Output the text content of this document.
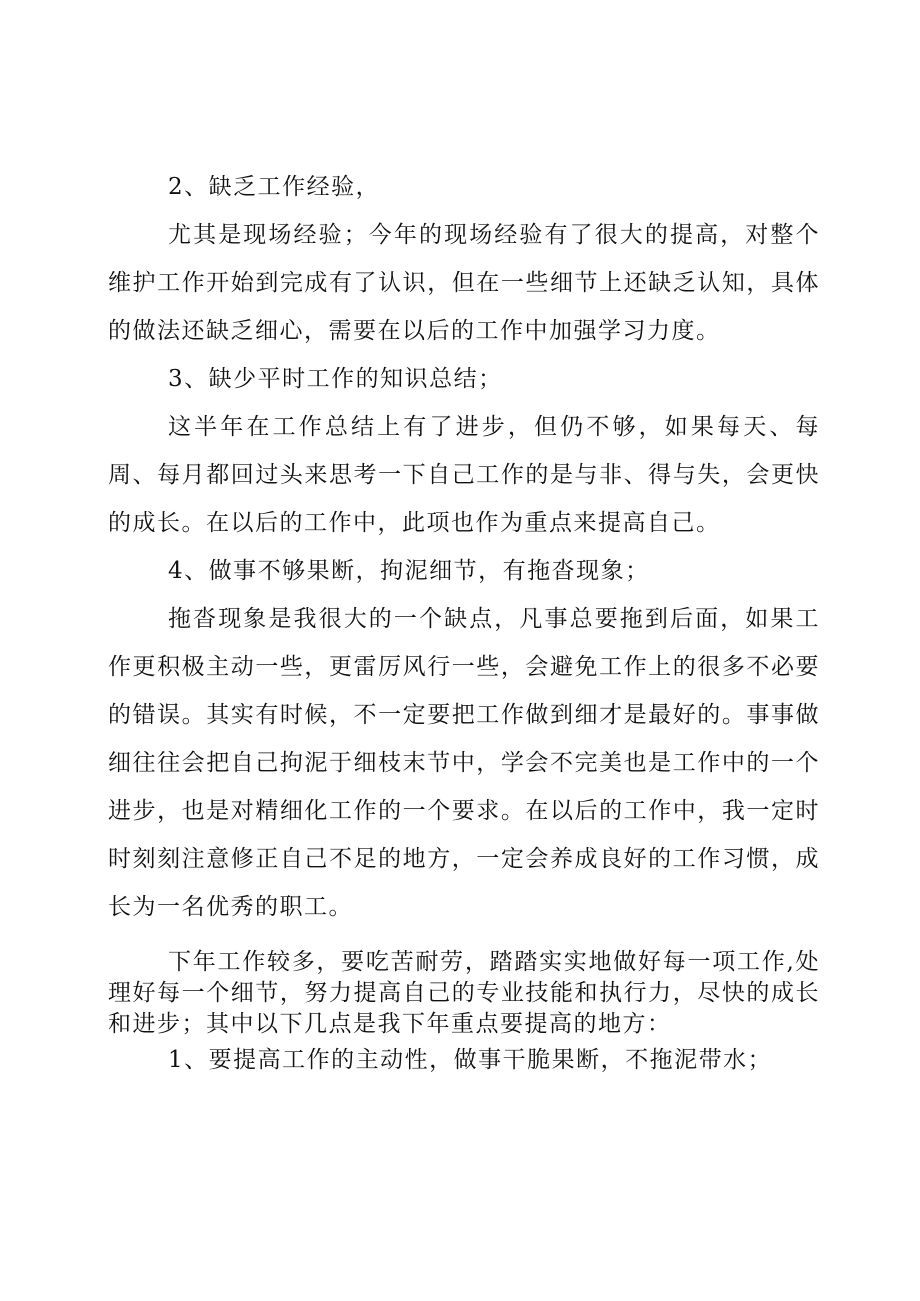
2、缺乏工作经验，

尤其是现场经验；今年的现场经验有了很大的提高，对整个维护工作开始到完成有了认识，但在一些细节上还缺乏认知，具体的做法还缺乏细心，需要在以后的工作中加强学习力度。

3、缺少平时工作的知识总结；

这半年在工作总结上有了进步，但仍不够，如果每天、每周、每月都回过头来思考一下自己工作的是与非、得与失，会更快的成长。在以后的工作中，此项也作为重点来提高自己。

4、做事不够果断，拘泥细节，有拖沓现象；

拖沓现象是我很大的一个缺点，凡事总要拖到后面，如果工作更积极主动一些，更雷厉风行一些，会避免工作上的很多不必要的错误。其实有时候，不一定要把工作做到细才是最好的。事事做细往往会把自己拘泥于细枝末节中，学会不完美也是工作中的一个进步，也是对精细化工作的一个要求。在以后的工作中，我一定时时刻刻注意修正自己不足的地方，一定会养成良好的工作习惯，成长为一名优秀的职工。

下年工作较多，要吃苦耐劳，踏踏实实地做好每一项工作,处理好每一个细节，努力提高自己的专业技能和执行力，尽快的成长和进步；其中以下几点是我下年重点要提高的地方：

1、要提高工作的主动性，做事干脆果断，不拖泥带水；
